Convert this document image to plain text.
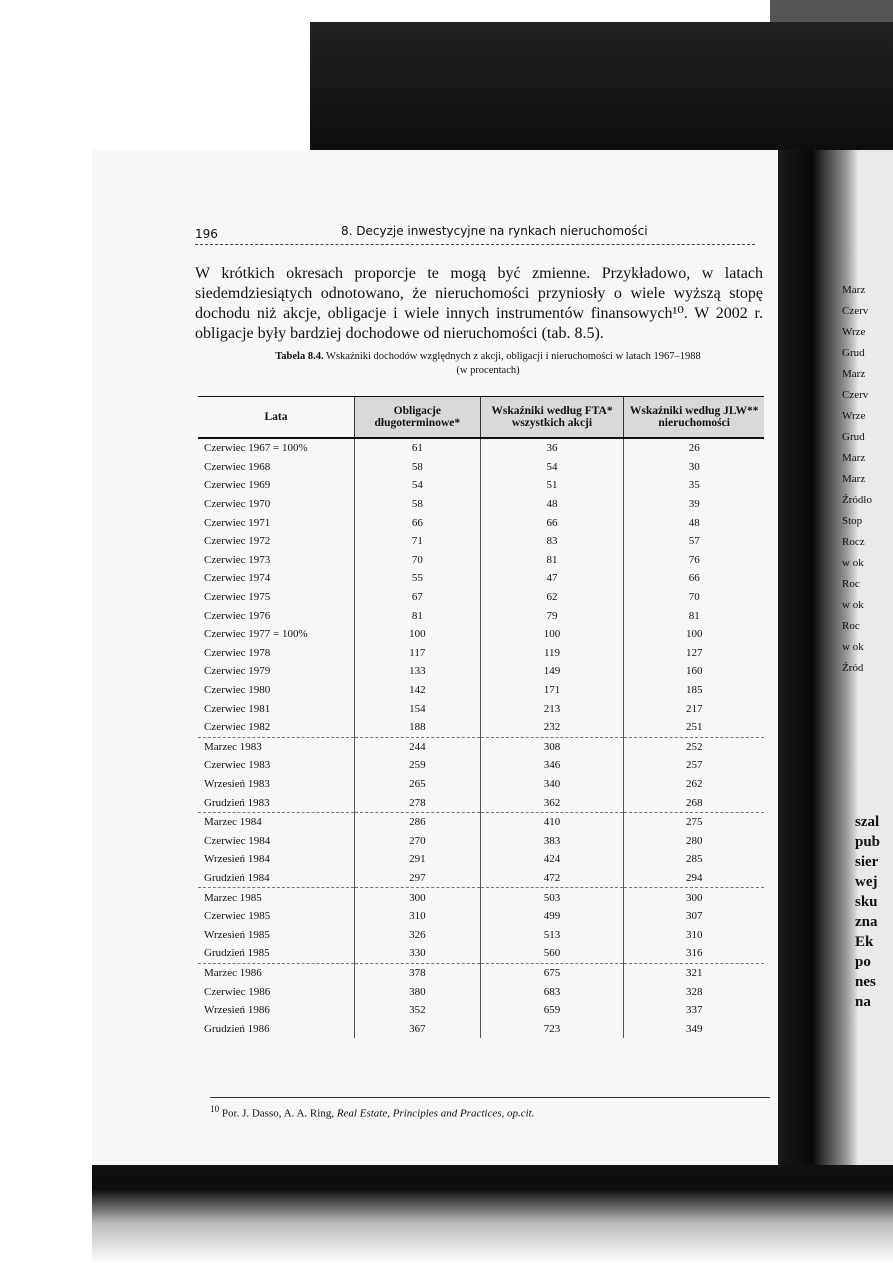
196	8. Decyzje inwestycyjne na rynkach nieruchomości
W krótkich okresach proporcje te mogą być zmienne. Przykładowo, w latach siedemdziesiątych odnotowano, że nieruchomości przyniosły o wiele wyższą stopę dochodu niż akcje, obligacje i wiele innych instrumentów finansowych¹⁰. W 2002 r. obligacje były bardziej dochodowe od nieruchomości (tab. 8.5).
Tabela 8.4. Wskaźniki dochodów względnych z akcji, obligacji i nieruchomości w latach 1967–1988
(w procentach)
Lata	Obligacje długoterminowe*	Wskaźniki według FTA* wszystkich akcji	Wskaźniki według JLW** nieruchomości
Czerwiec 1967 = 100%	61	36	26
Czerwiec 1968	58	54	30
Czerwiec 1969	54	51	35
Czerwiec 1970	58	48	39
Czerwiec 1971	66	66	48
Czerwiec 1972	71	83	57
Czerwiec 1973	70	81	76
Czerwiec 1974	55	47	66
Czerwiec 1975	67	62	70
Czerwiec 1976	81	79	81
Czerwiec 1977 = 100%	100	100	100
Czerwiec 1978	117	119	127
Czerwiec 1979	133	149	160
Czerwiec 1980	142	171	185
Czerwiec 1981	154	213	217
Czerwiec 1982	188	232	251
Marzec 1983	244	308	252
Czerwiec 1983	259	346	257
Wrzesień 1983	265	340	262
Grudzień 1983	278	362	268
Marzec 1984	286	410	275
Czerwiec 1984	270	383	280
Wrzesień 1984	291	424	285
Grudzień 1984	297	472	294
Marzec 1985	300	503	300
Czerwiec 1985	310	499	307
Wrzesień 1985	326	513	310
Grudzień 1985	330	560	316
Marzec 1986	378	675	321
Czerwiec 1986	380	683	328
Wrzesień 1986	352	659	337
Grudzień 1986	367	723	349
$^{10}$ Por. J. Dasso, A. A. Ring, Real Estate, Principles and Practices, op.cit.
Marz
Czerv
Wrze
Grud
Marz
Czerv
Wrze
Grud
Marz
Marz
Źródło
Stop
Rocz
w ok
Roc
w ok
Roc
w ok
Źród
szal
pub
sier
wej
sku
zna
Ek
po
nes
na
